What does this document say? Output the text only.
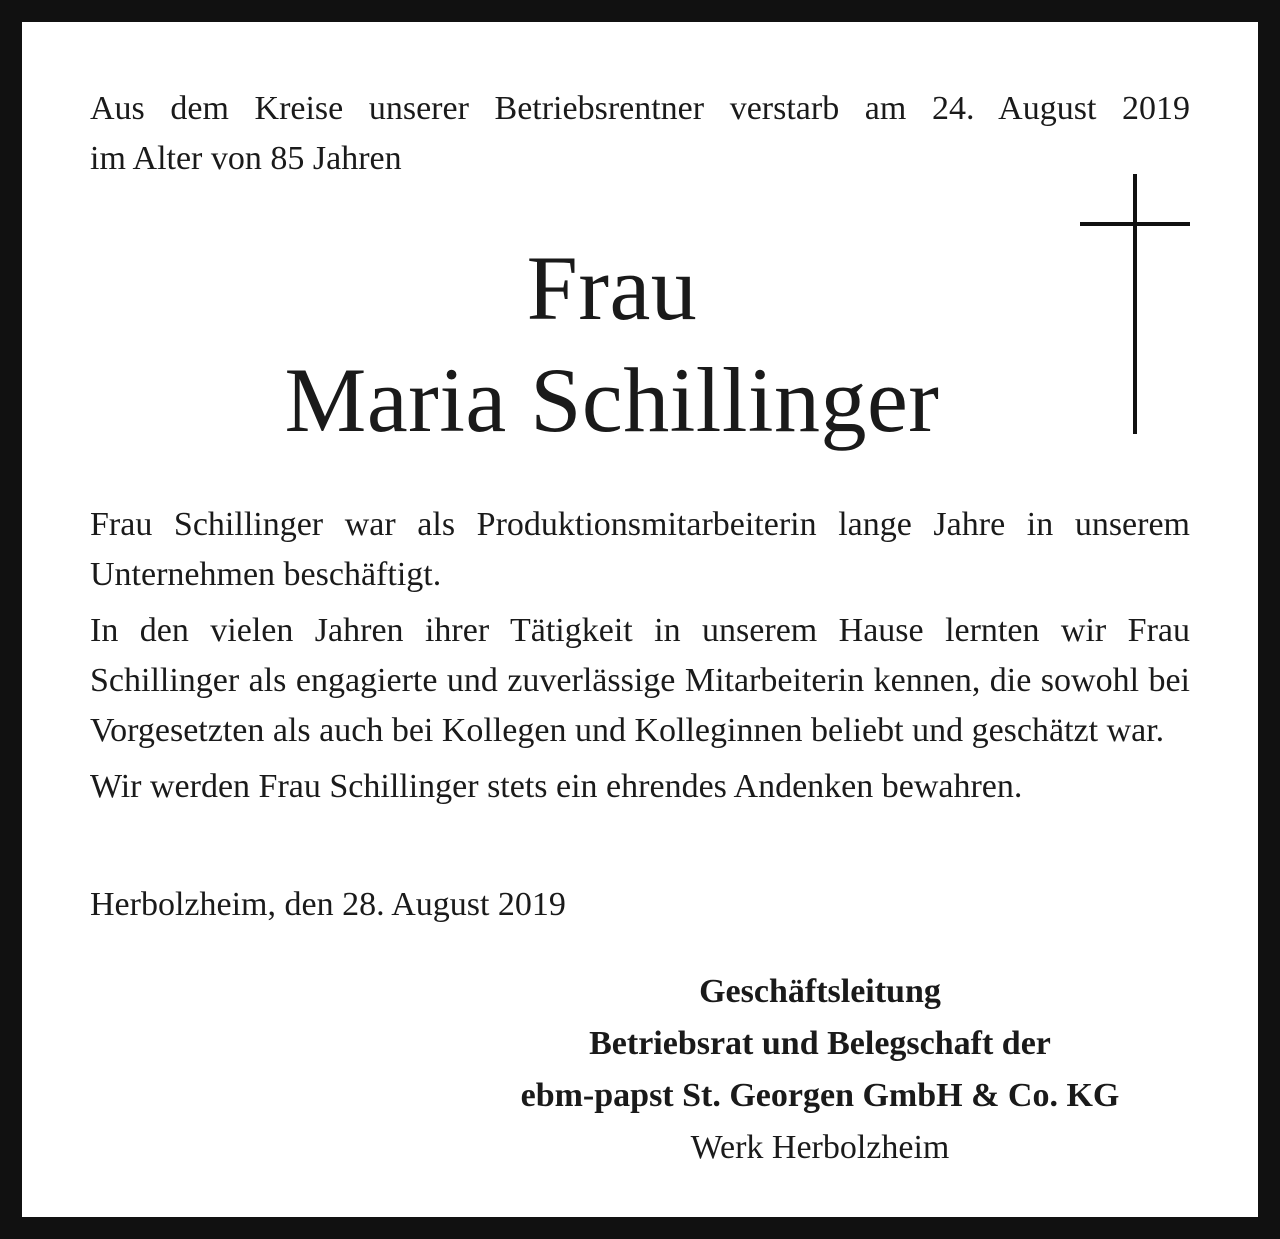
Aus dem Kreise unserer Betriebsrentner verstarb am 24. August 2019
im Alter von 85 Jahren
Frau
Maria Schillinger

Frau Schillinger war als Produktionsmitarbeiterin lange Jahre in unserem Unternehmen beschäftigt.

In den vielen Jahren ihrer Tätigkeit in unserem Hause lernten wir Frau Schillinger als engagierte und zuverlässige Mitarbeiterin kennen, die sowohl bei Vorgesetzten als auch bei Kollegen und Kolleginnen beliebt und geschätzt war.

Wir werden Frau Schillinger stets ein ehrendes Andenken bewahren.

Herbolzheim, den 28. August 2019
Geschäftsleitung
Betriebsrat und Belegschaft der
ebm-papst St. Georgen GmbH & Co. KG
Werk Herbolzheim
